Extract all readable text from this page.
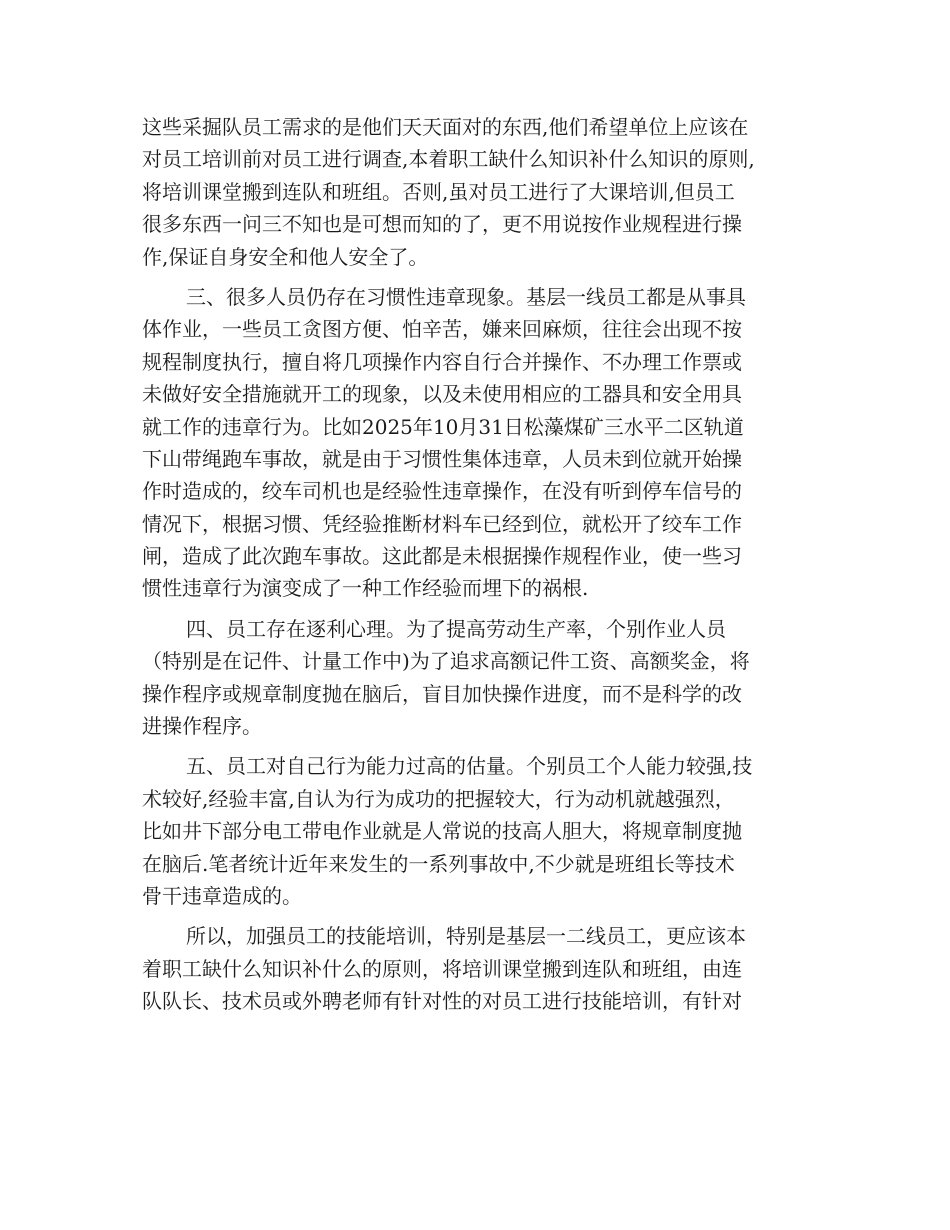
这些采掘队员工需求的是他们天天面对的东西,他们希望单位上应该在
对员工培训前对员工进行调查,本着职工缺什么知识补什么知识的原则,
将培训课堂搬到连队和班组。否则,虽对员工进行了大课培训,但员工
很多东西一问三不知也是可想而知的了，更不用说按作业规程进行操
作,保证自身安全和他人安全了。
三、很多人员仍存在习惯性违章现象。基层一线员工都是从事具
体作业，一些员工贪图方便、怕辛苦，嫌来回麻烦，往往会出现不按
规程制度执行，擅自将几项操作内容自行合并操作、不办理工作票或
未做好安全措施就开工的现象，以及未使用相应的工器具和安全用具
就工作的违章行为。比如2025年10月31日松藻煤矿三水平二区轨道
下山带绳跑车事故，就是由于习惯性集体违章，人员未到位就开始操
作时造成的，绞车司机也是经验性违章操作，在没有听到停车信号的
情况下，根据习惯、凭经验推断材料车已经到位，就松开了绞车工作
闸，造成了此次跑车事故。这此都是未根据操作规程作业，使一些习
惯性违章行为演变成了一种工作经验而埋下的祸根.
四、员工存在逐利心理。为了提高劳动生产率，个别作业人员
（特别是在记件、计量工作中)为了追求高额记件工资、高额奖金，将
操作程序或规章制度抛在脑后，盲目加快操作进度，而不是科学的改
进操作程序。
五、员工对自己行为能力过高的估量。个别员工个人能力较强,技
术较好,经验丰富,自认为行为成功的把握较大，行为动机就越强烈，
比如井下部分电工带电作业就是人常说的技高人胆大，将规章制度抛
在脑后.笔者统计近年来发生的一系列事故中,不少就是班组长等技术
骨干违章造成的。
所以，加强员工的技能培训，特别是基层一二线员工，更应该本
着职工缺什么知识补什么的原则，将培训课堂搬到连队和班组，由连
队队长、技术员或外聘老师有针对性的对员工进行技能培训，有针对
